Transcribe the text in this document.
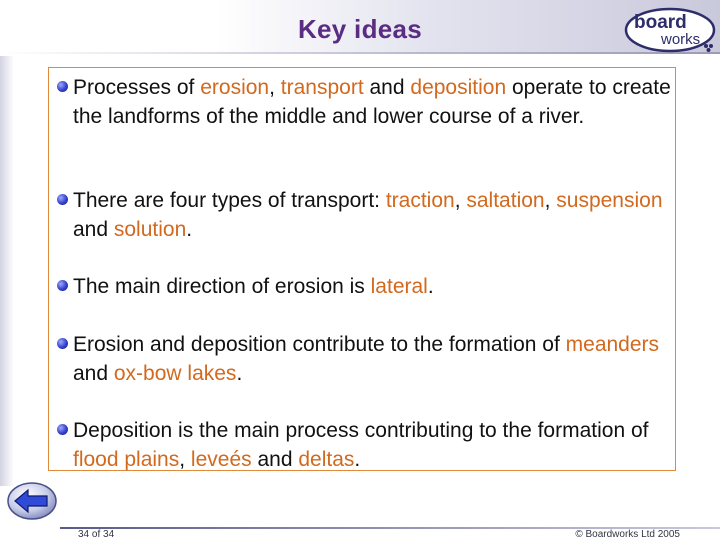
Key ideas	board
works
Processes of erosion, transport and deposition operate to create the landforms of the middle and lower course of a river.
There are four types of transport: traction, saltation, suspension and solution.
The main direction of erosion is lateral.
Erosion and deposition contribute to the formation of meanders and ox-bow lakes.
Deposition is the main process contributing to the formation of flood plains, leveés and deltas.
34 of 34	© Boardworks Ltd 2005
